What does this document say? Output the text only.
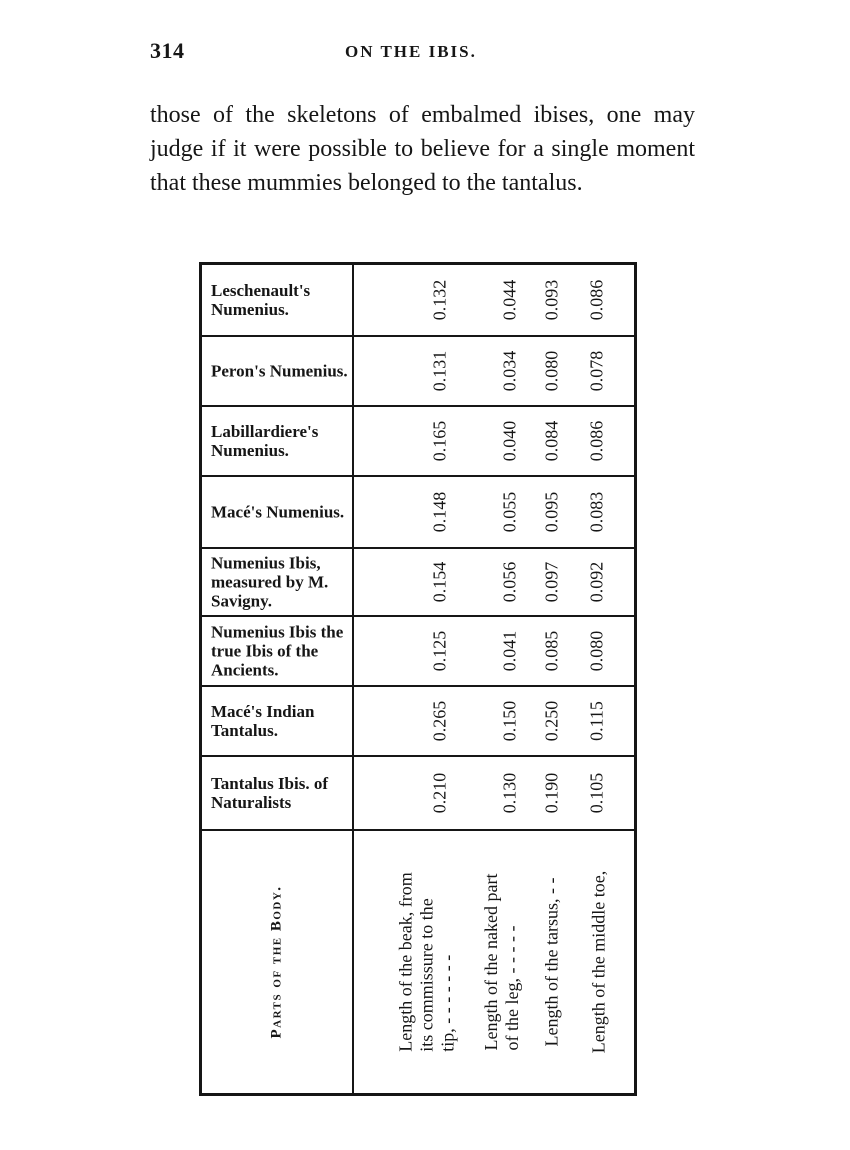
314	ON THE IBIS.

those of the skeletons of embalmed ibises, one may judge if it were possible to believe for a single moment that these mummies belonged to the tantalus.

Leschenault's Numenius.	0.132	0.044 0.093 0.086
Peron's Numenius.	0.131	0.034 0.080 0.078
Labillardiere's Numenius.	0.165	0.040 0.084 0.086
Macé's Numenius.	0.148	0.055 0.095 0.083
Numenius Ibis, measured by M. Savigny.	0.154	0.056 0.097 0.092
Numenius Ibis the true Ibis of the Ancients.	0.125	0.041 0.085 0.080
Macé's Indian Tantalus.	0.265	0.150 0.250 0.115
Tantalus Ibis. of Naturalists	0.210	0.130 0.190 0.105
Parts of the Body.	Length of the beak, from its commissure to the tip, - - - - - - - Length of the naked part of the leg, - - - - - Length of the tarsus, - - Length of the middle toe,
